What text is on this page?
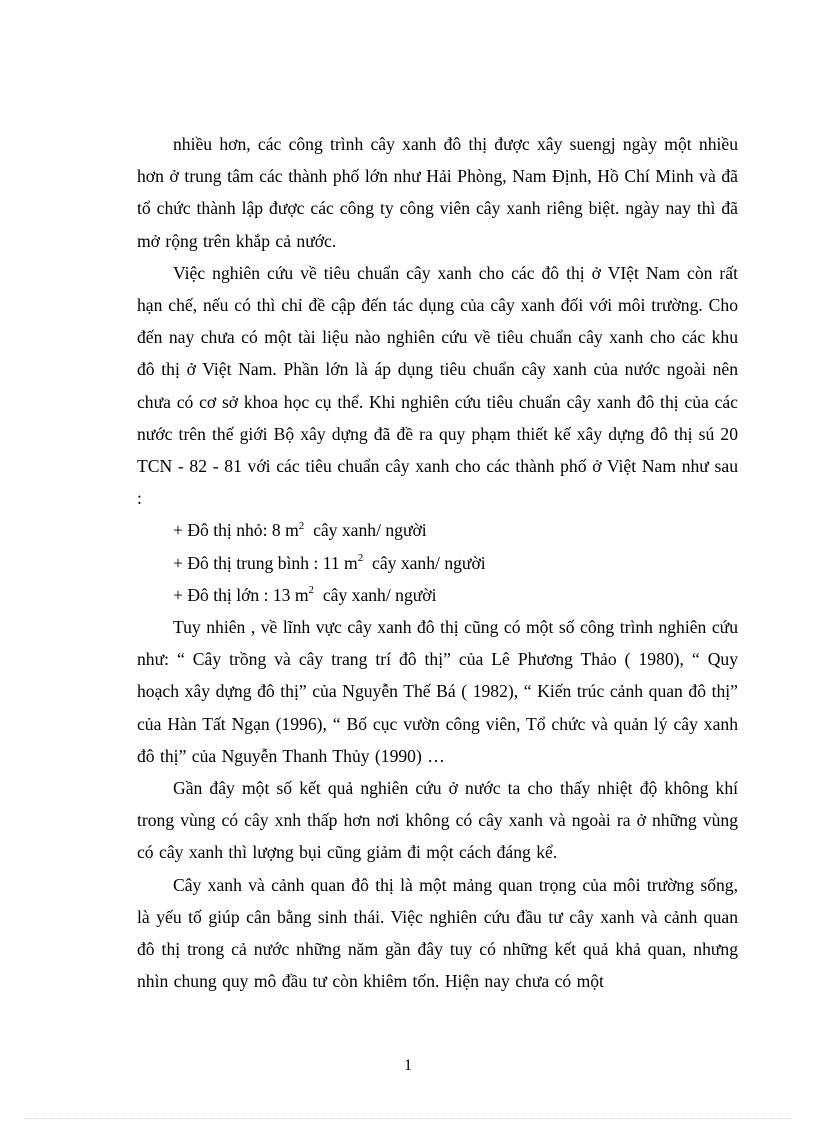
nhiều hơn, các công trình cây xanh đô thị được xây suengj ngày một nhiều hơn ở trung tâm các thành phố lớn như Hải Phòng, Nam Định, Hồ Chí Minh và đã tổ chức thành lập được các công ty công viên cây xanh riêng biệt. ngày nay thì đã mở rộng trên khắp cả nước.

Việc nghiên cứu về tiêu chuẩn cây xanh cho các đô thị ở VIệt Nam còn rất hạn chế, nếu có thì chỉ đề cập đến tác dụng của cây xanh đối với môi trường. Cho đến nay chưa có một tài liệu nào nghiên cứu về tiêu chuẩn cây xanh cho các khu đô thị ở Việt Nam. Phần lớn là áp dụng tiêu chuẩn cây xanh của nước ngoài nên chưa có cơ sở khoa học cụ thể. Khi nghiên cứu tiêu chuẩn cây xanh đô thị của các nước trên thế giới Bộ xây dựng đã đề ra quy phạm thiết kế xây dựng đô thị sú 20 TCN - 82 - 81 với các tiêu chuẩn cây xanh cho các thành phố ở Việt Nam như sau :

+ Đô thị nhỏ: 8 $m^2$  cây xanh/ người

+ Đô thị trung bình : 11 $m^2$  cây xanh/ người

+ Đô thị lớn : 13 $m^2$  cây xanh/ người

Tuy nhiên , về lĩnh vực cây xanh đô thị cũng có một số công trình nghiên cứu như: “ Cây trồng và cây trang trí đô thị” của Lê Phương Thảo ( 1980), “ Quy hoạch xây dựng đô thị” của Nguyễn Thế Bá ( 1982), “ Kiến trúc cảnh quan đô thị” của Hàn Tất Ngạn (1996), “ Bố cục vườn công viên, Tổ chức và quản lý cây xanh đô thị” của Nguyễn Thanh Thủy (1990) …

Gần đây một số kết quả nghiên cứu ở nước ta cho thấy nhiệt độ không khí trong vùng có cây xnh thấp hơn nơi không có cây xanh và ngoài ra ở những vùng có cây xanh thì lượng bụi cũng giảm đi một cách đáng kể.

Cây xanh và cảnh quan đô thị là một mảng quan trọng của môi trường sống, là yếu tố giúp cân bằng sinh thái. Việc nghiên cứu đầu tư cây xanh và cảnh quan đô thị trong cả nước những năm gần đây tuy có những kết quả khả quan, nhưng nhìn chung quy mô đầu tư còn khiêm tốn. Hiện nay chưa có một

1
